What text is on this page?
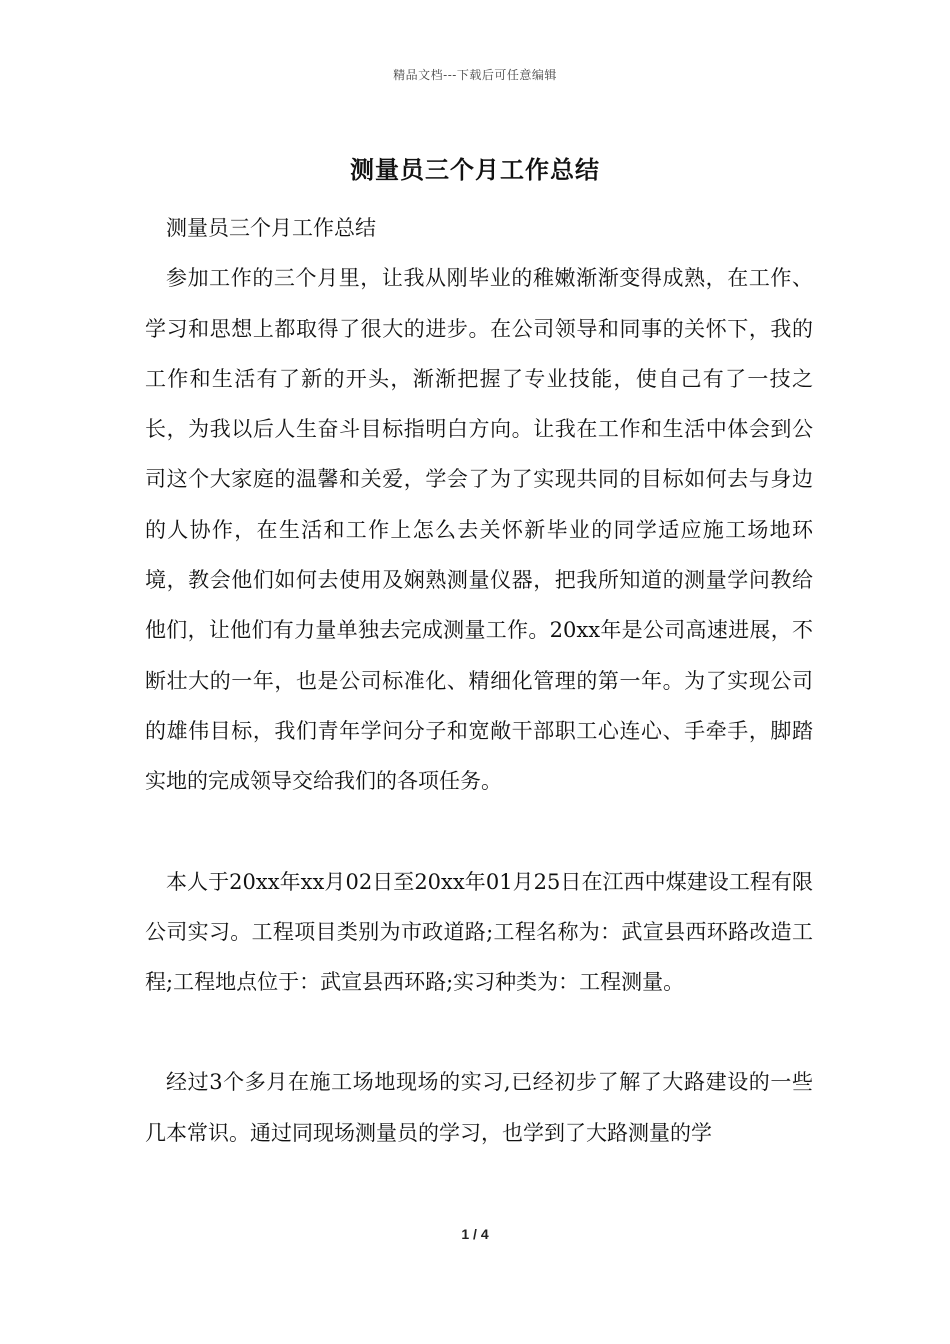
精品文档---下载后可任意编辑
测量员三个月工作总结

测量员三个月工作总结

参加工作的三个月里，让我从刚毕业的稚嫩渐渐变得成熟，在工作、学习和思想上都取得了很大的进步。在公司领导和同事的关怀下，我的工作和生活有了新的开头，渐渐把握了专业技能，使自己有了一技之长，为我以后人生奋斗目标指明白方向。让我在工作和生活中体会到公司这个大家庭的温馨和关爱，学会了为了实现共同的目标如何去与身边的人协作，在生活和工作上怎么去关怀新毕业的同学适应施工场地环境，教会他们如何去使用及娴熟测量仪器，把我所知道的测量学问教给他们，让他们有力量单独去完成测量工作。20xx年是公司高速进展，不断壮大的一年，也是公司标准化、精细化管理的第一年。为了实现公司的雄伟目标，我们青年学问分子和宽敞干部职工心连心、手牵手，脚踏实地的完成领导交给我们的各项任务。

本人于20xx年xx月02日至20xx年01月25日在江西中煤建设工程有限公司实习。工程项目类别为市政道路;工程名称为：武宣县西环路改造工程;工程地点位于：武宣县西环路;实习种类为：工程测量。

经过3个多月在施工场地现场的实习,已经初步了解了大路建设的一些几本常识。通过同现场测量员的学习，也学到了大路测量的学

1 / 4
